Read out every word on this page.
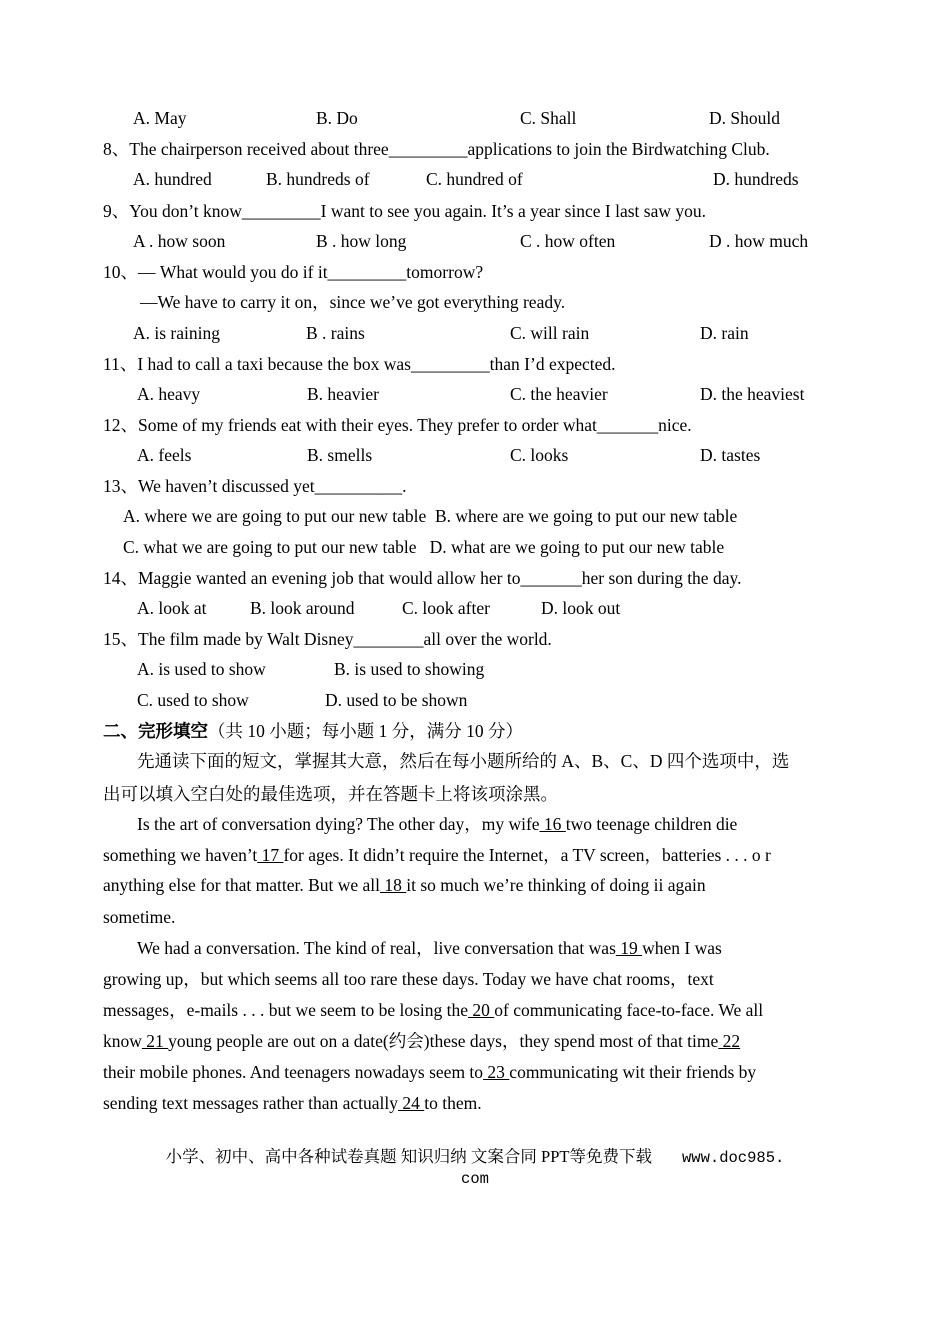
A. May	B. Do	C. Shall	D. Should
8、The chairperson received about three_________applications to join the Birdwatching Club.
A. hundred	B. hundreds of	C. hundred of	D. hundreds
9、You don’t know_________I want to see you again. It’s a year since I last saw you.
A . how soon	B . how long	C . how often	D . how much
10、— What would you do if it_________tomorrow?
—We have to carry it on，since we’ve got everything ready.
A. is raining	B . rains	C. will rain	D. rain
11、I had to call a taxi because the box was_________than I’d expected.
A. heavy	B. heavier	C. the heavier	D. the heaviest
12、Some of my friends eat with their eyes. They prefer to order what_______nice.
A. feels	B. smells	C. looks	D. tastes
13、We haven’t discussed yet__________.
A. where we are going to put our new table  B. where are we going to put our new table
C. what we are going to put our new table   D. what are we going to put our new table
14、Maggie wanted an evening job that would allow her to_______her son during the day.
A. look at B. look around	C. look after	D. look out
15、The film made by Walt Disney________all over the world.
A. is used to show	B. is used to showing
C. used to show	D. used to be shown
二、完形填空（共 10 小题；每小题 1 分，满分 10 分）
先通读下面的短文，掌握其大意，然后在每小题所给的 A、B、C、D 四个选项中，选
出可以填入空白处的最佳选项，并在答题卡上将该项涂黑。
Is the art of conversation dying? The other day，my wife 16 two teenage children die
something we haven’t 17 for ages. It didn’t require the Internet，a TV screen，batteries . . . o r
anything else for that matter. But we all 18 it so much we’re thinking of doing ii again
sometime.
We had a conversation. The kind of real，live conversation that was 19 when I was
growing up，but which seems all too rare these days. Today we have chat rooms，text
messages，e-mails . . . but we seem to be losing the 20 of communicating face-to-face. We all
know 21 young people are out on a date(约会)these days，they spend most of that time 22
their mobile phones. And teenagers nowadays seem to 23 communicating wit their friends by
sending text messages rather than actually 24 to them.
小学、初中、高中各种试卷真题 知识归纳 文案合同 PPT等免费下载 www.doc985.
com
